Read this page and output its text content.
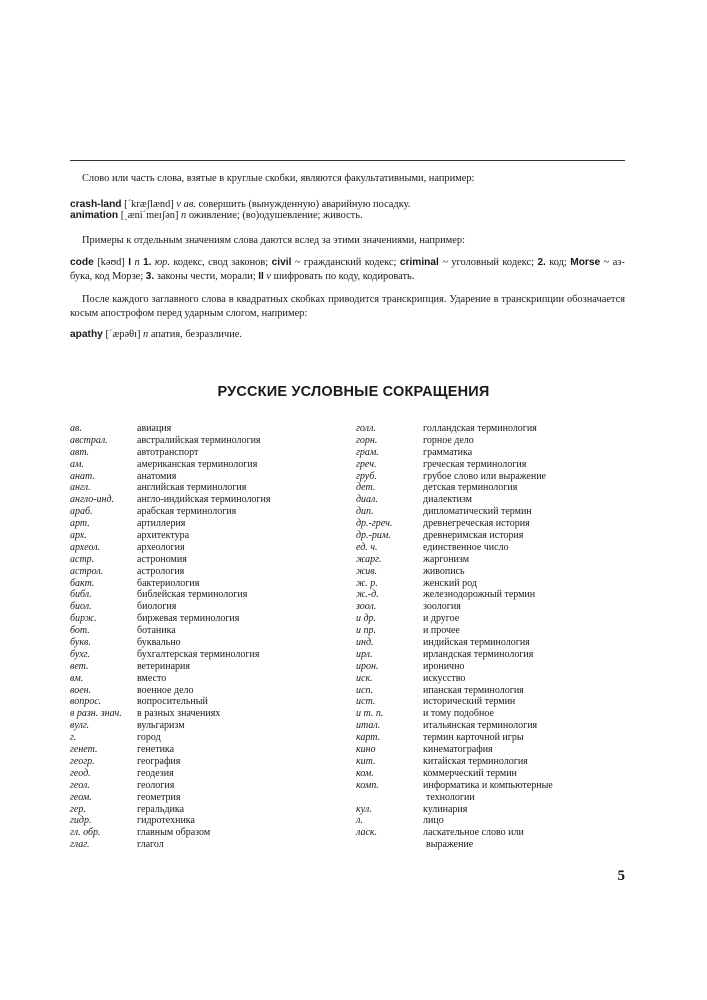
Слово или часть слова, взятые в круглые скобки, являются факультативными, например:

crash-land [ˊkræʃlænd] v ав. совершить (вынужденную) аварийную посадку.

animation [ˏæniˊmeɪʃən] n оживление; (во)одушевление; живость.

Примеры к отдельным значениям слова даются вслед за этими значениями, например:

code [kəʊd] I n 1. юр. кодекс, свод законов; civil ~ гражданский кодекс; criminal ~ уголовный кодекс; 2. код; Morse ~ аз-бука, код Морзе; 3. законы чести, морали; II v шифровать по коду, кодировать.

После каждого заглавного слова в квадратных скобках приводится транскрипция. Ударение в транскрипции обозначается косым апострофом перед ударным слогом, например:

apathy [ˊæpəθɪ] n апатия, безразличие.

РУССКИЕ УСЛОВНЫЕ СОКРАЩЕНИЯ
ав.	авиация
австрал.	австралийская терминология
авт.	автотранспорт
ам.	американская терминология
анат.	анатомия
англ.	английская терминология
англо-инд.	англо-индийская терминология
араб.	арабская терминология
арт.	артиллерия
арх.	архитектура
археол.	археология
астр.	астрономия
астрол.	астрология
бакт.	бактериология
библ.	библейская терминология
биол.	биология
бирж.	биржевая терминология
бот.	ботаника
букв.	буквально
бухг.	бухгалтерская терминология
вет.	ветеринария
вм.	вместо
воен.	военное дело
вопрос.	вопросительный
в разн. знач.	в разных значениях
вулг.	вульгаризм
г.	город
генет.	генетика
геогр.	география
геод.	геодезия
геол.	геология
геом.	геометрия
гер.	геральдика
гидр.	гидротехника
гл. обр.	главным образом
глаг.	глагол
голл.	голландская терминология
горн.	горное дело
грам.	грамматика
греч.	греческая терминология
груб.	грубое слово или выражение
дет.	детская терминология
диал.	диалектизм
дип.	дипломатический термин
др.-греч.	древнегреческая история
др.-рим.	древнеримская история
ед. ч.	единственное число
жарг.	жаргонизм
жив.	живопись
ж. р.	женский род
ж.-д.	железнодорожный термин
зоол.	зоология
и др.	и другое
и пр.	и прочее
инд.	индийская терминология
ирл.	ирландская терминология
ирон.	иронично
иск.	искусство
исп.	ипанская терминология
ист.	исторический термин
и т. п.	и тому подобное
итал.	итальянская терминология
карт.	термин карточной игры
кино	кинематография
кит.	китайская терминология
ком.	коммерческий термин
комп.	информатика и компьютерные
технологии
кул.	кулинария
л.	лицо
ласк.	ласкательное слово или
выражение
5
